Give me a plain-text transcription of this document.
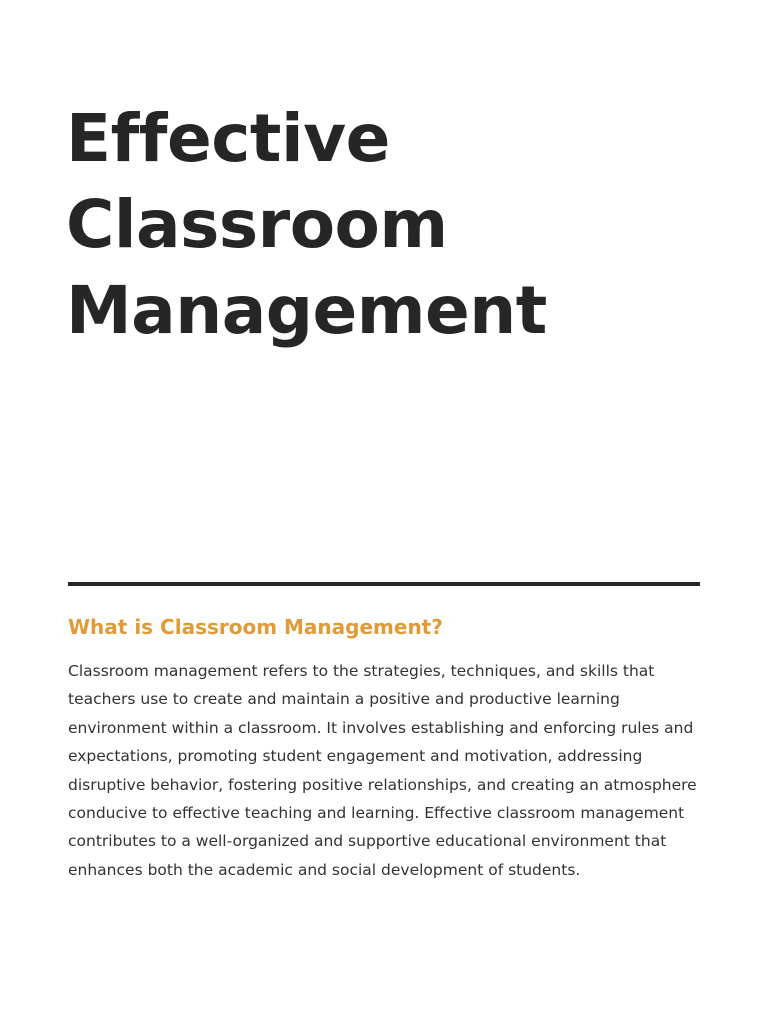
Effective
Classroom
Management
What is Classroom Management?

Classroom management refers to the strategies, techniques, and skills that
teachers use to create and maintain a positive and productive learning
environment within a classroom. It involves establishing and enforcing rules and
expectations, promoting student engagement and motivation, addressing
disruptive behavior, fostering positive relationships, and creating an atmosphere
conducive to effective teaching and learning. Effective classroom management
contributes to a well-organized and supportive educational environment that
enhances both the academic and social development of students.
